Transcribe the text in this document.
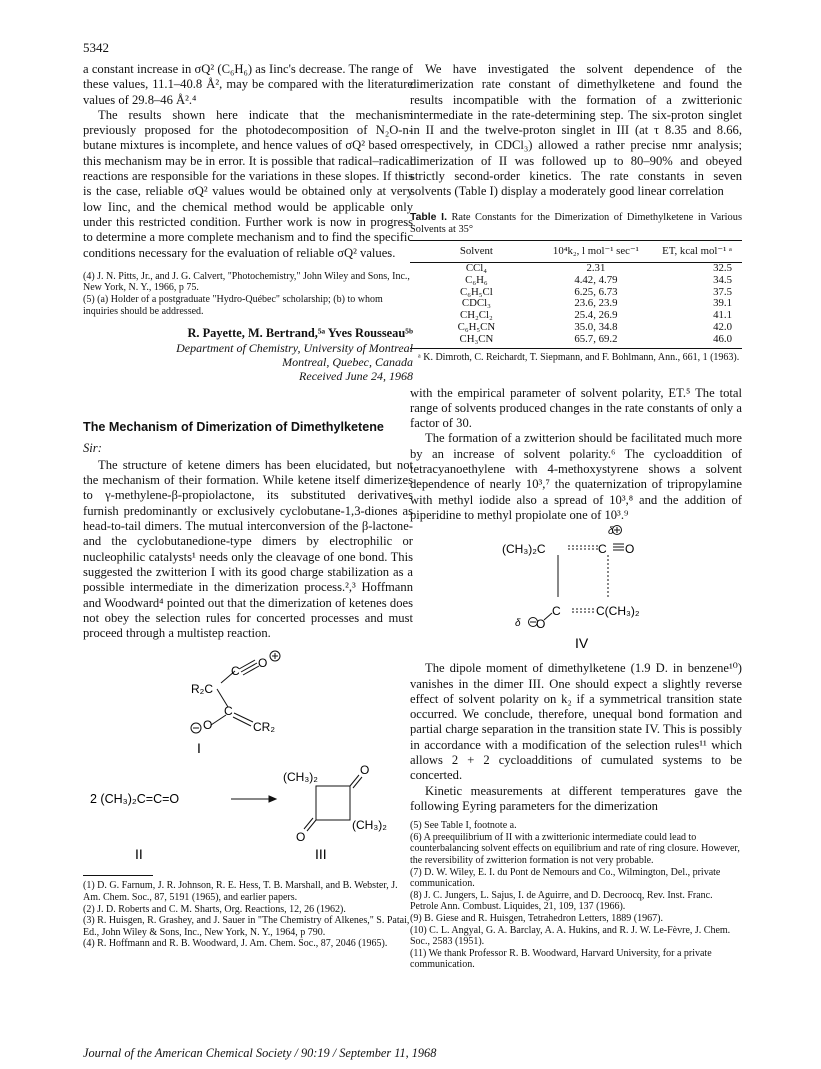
5342

a constant increase in σQ² (C₆H₆) as Iinc's decrease. The range of these values, 11.1–40.8 Å², may be compared with the literature values of 29.8–46 Å².⁴

The results shown here indicate that the mechanism previously proposed for the photodecomposition of N₂O-n-butane mixtures is incomplete, and hence values of σQ² based on this mechanism may be in error. It is possible that radical–radical reactions are responsible for the variations in these slopes. If this is the case, reliable σQ² values would be obtained only at very low Iinc, and the chemical method would be applicable only under this restricted condition. Further work is now in progress to determine a more complete mechanism and to find the specific conditions necessary for the evaluation of reliable σQ² values.

(4) J. N. Pitts, Jr., and J. G. Calvert, "Photochemistry," John Wiley and Sons, Inc., New York, N. Y., 1966, p 75.

(5) (a) Holder of a postgraduate "Hydro-Québec" scholarship; (b) to whom inquiries should be addressed.

R. Payette, M. Bertrand,⁵ᵃ Yves Rousseau⁵ᵇ
Department of Chemistry, University of Montreal
Montreal, Quebec, Canada
Received June 24, 1968
The Mechanism of Dimerization of Dimethylketene
Sir:

The structure of ketene dimers has been elucidated, but not the mechanism of their formation. While ketene itself dimerizes to γ-methylene-β-propiolactone, its substituted derivatives furnish predominantly or exclusively cyclobutane-1,3-diones as head-to-tail dimers. The mutual interconversion of the β-lactone- and the cyclobutanedione-type dimers by electrophilic or nucleophilic catalysts¹ needs only the cleavage of one bond. This suggested the zwitterion I with its good charge stabilization as a possible intermediate in the dimerization process.²,³ Hoffmann and Woodward⁴ pointed out that the dimerization of ketenes does not obey the selection rules for concerted processes and must proceed through a multistep reaction.

C
O
R₂C
C
O	CR₂
I
2 (CH₃)₂C=C=O
O
O
(CH₃)₂
(CH₃)₂
II	III

(1) D. G. Farnum, J. R. Johnson, R. E. Hess, T. B. Marshall, and B. Webster, J. Am. Chem. Soc., 87, 5191 (1965), and earlier papers.

(2) J. D. Roberts and C. M. Sharts, Org. Reactions, 12, 26 (1962).

(3) R. Huisgen, R. Grashey, and J. Sauer in "The Chemistry of Alkenes," S. Patai, Ed., John Wiley & Sons, Inc., New York, N. Y., 1964, p 790.

(4) R. Hoffmann and R. B. Woodward, J. Am. Chem. Soc., 87, 2046 (1965).

We have investigated the solvent dependence of the dimerization rate constant of dimethylketene and found the results incompatible with the formation of a zwitterionic intermediate in the rate-determining step. The six-proton singlet in II and the twelve-proton singlet in III (at τ 8.35 and 8.66, respectively, in CDCl₃) allowed a rather precise nmr analysis; dimerization of II was followed up to 80–90% and obeyed strictly second-order kinetics. The rate constants in seven solvents (Table I) display a moderately good linear correlation

Table I. Rate Constants for the Dimerization of Dimethylketene in Various Solvents at 35°
Solvent	10⁴k₂, l mol⁻¹ sec⁻¹	ET, kcal mol⁻¹ ᵃ
CCl₄	2.31	32.5
C₆H₆	4.42, 4.79	34.5
C₆H₅Cl	6.25, 6.73	37.5
CDCl₃	23.6, 23.9	39.1
CH₂Cl₂	25.4, 26.9	41.1
C₆H₅CN	35.0, 34.8	42.0
CH₃CN	65.7, 69.2	46.0
ᵃ K. Dimroth, C. Reichardt, T. Siepmann, and F. Bohlmann, Ann., 661, 1 (1963).

with the empirical parameter of solvent polarity, ET.⁵ The total range of solvents produced changes in the rate constants of only a factor of 30.

The formation of a zwitterion should be facilitated much more by an increase of solvent polarity.⁶ The cycloaddition of tetracyanoethylene with 4-methoxystyrene shows a solvent dependence of nearly 10³,⁷ the quaternization of tripropylamine with methyl iodide also a spread of 10³,⁸ and the addition of piperidine to methyl propiolate one of 10³.⁹

δ
(CH₃)₂C	C O
δ O
C	C(CH₃)₂
IV

The dipole moment of dimethylketene (1.9 D. in benzene¹⁰) vanishes in the dimer III. One should expect a slightly reverse effect of solvent polarity on k₂ if a symmetrical transition state occurred. We conclude, therefore, unequal bond formation and partial charge separation in the transition state IV. This is possibly in accordance with a modification of the selection rules¹¹ which allows 2 + 2 cycloadditions of cumulated systems to be concerted.

Kinetic measurements at different temperatures gave the following Eyring parameters for the dimerization

(5) See Table I, footnote a.

(6) A preequilibrium of II with a zwitterionic intermediate could lead to counterbalancing solvent effects on equilibrium and rate of ring closure. However, the reversibility of zwitterion formation is not very probable.

(7) D. W. Wiley, E. I. du Pont de Nemours and Co., Wilmington, Del., private communication.

(8) J. C. Jungers, L. Sajus, I. de Aguirre, and D. Decroocq, Rev. Inst. Franc. Petrole Ann. Combust. Liquides, 21, 109, 137 (1966).

(9) B. Giese and R. Huisgen, Tetrahedron Letters, 1889 (1967).

(10) C. L. Angyal, G. A. Barclay, A. A. Hukins, and R. J. W. Le-Fèvre, J. Chem. Soc., 2583 (1951).

(11) We thank Professor R. B. Woodward, Harvard University, for a private communication.

Journal of the American Chemical Society / 90:19 / September 11, 1968
